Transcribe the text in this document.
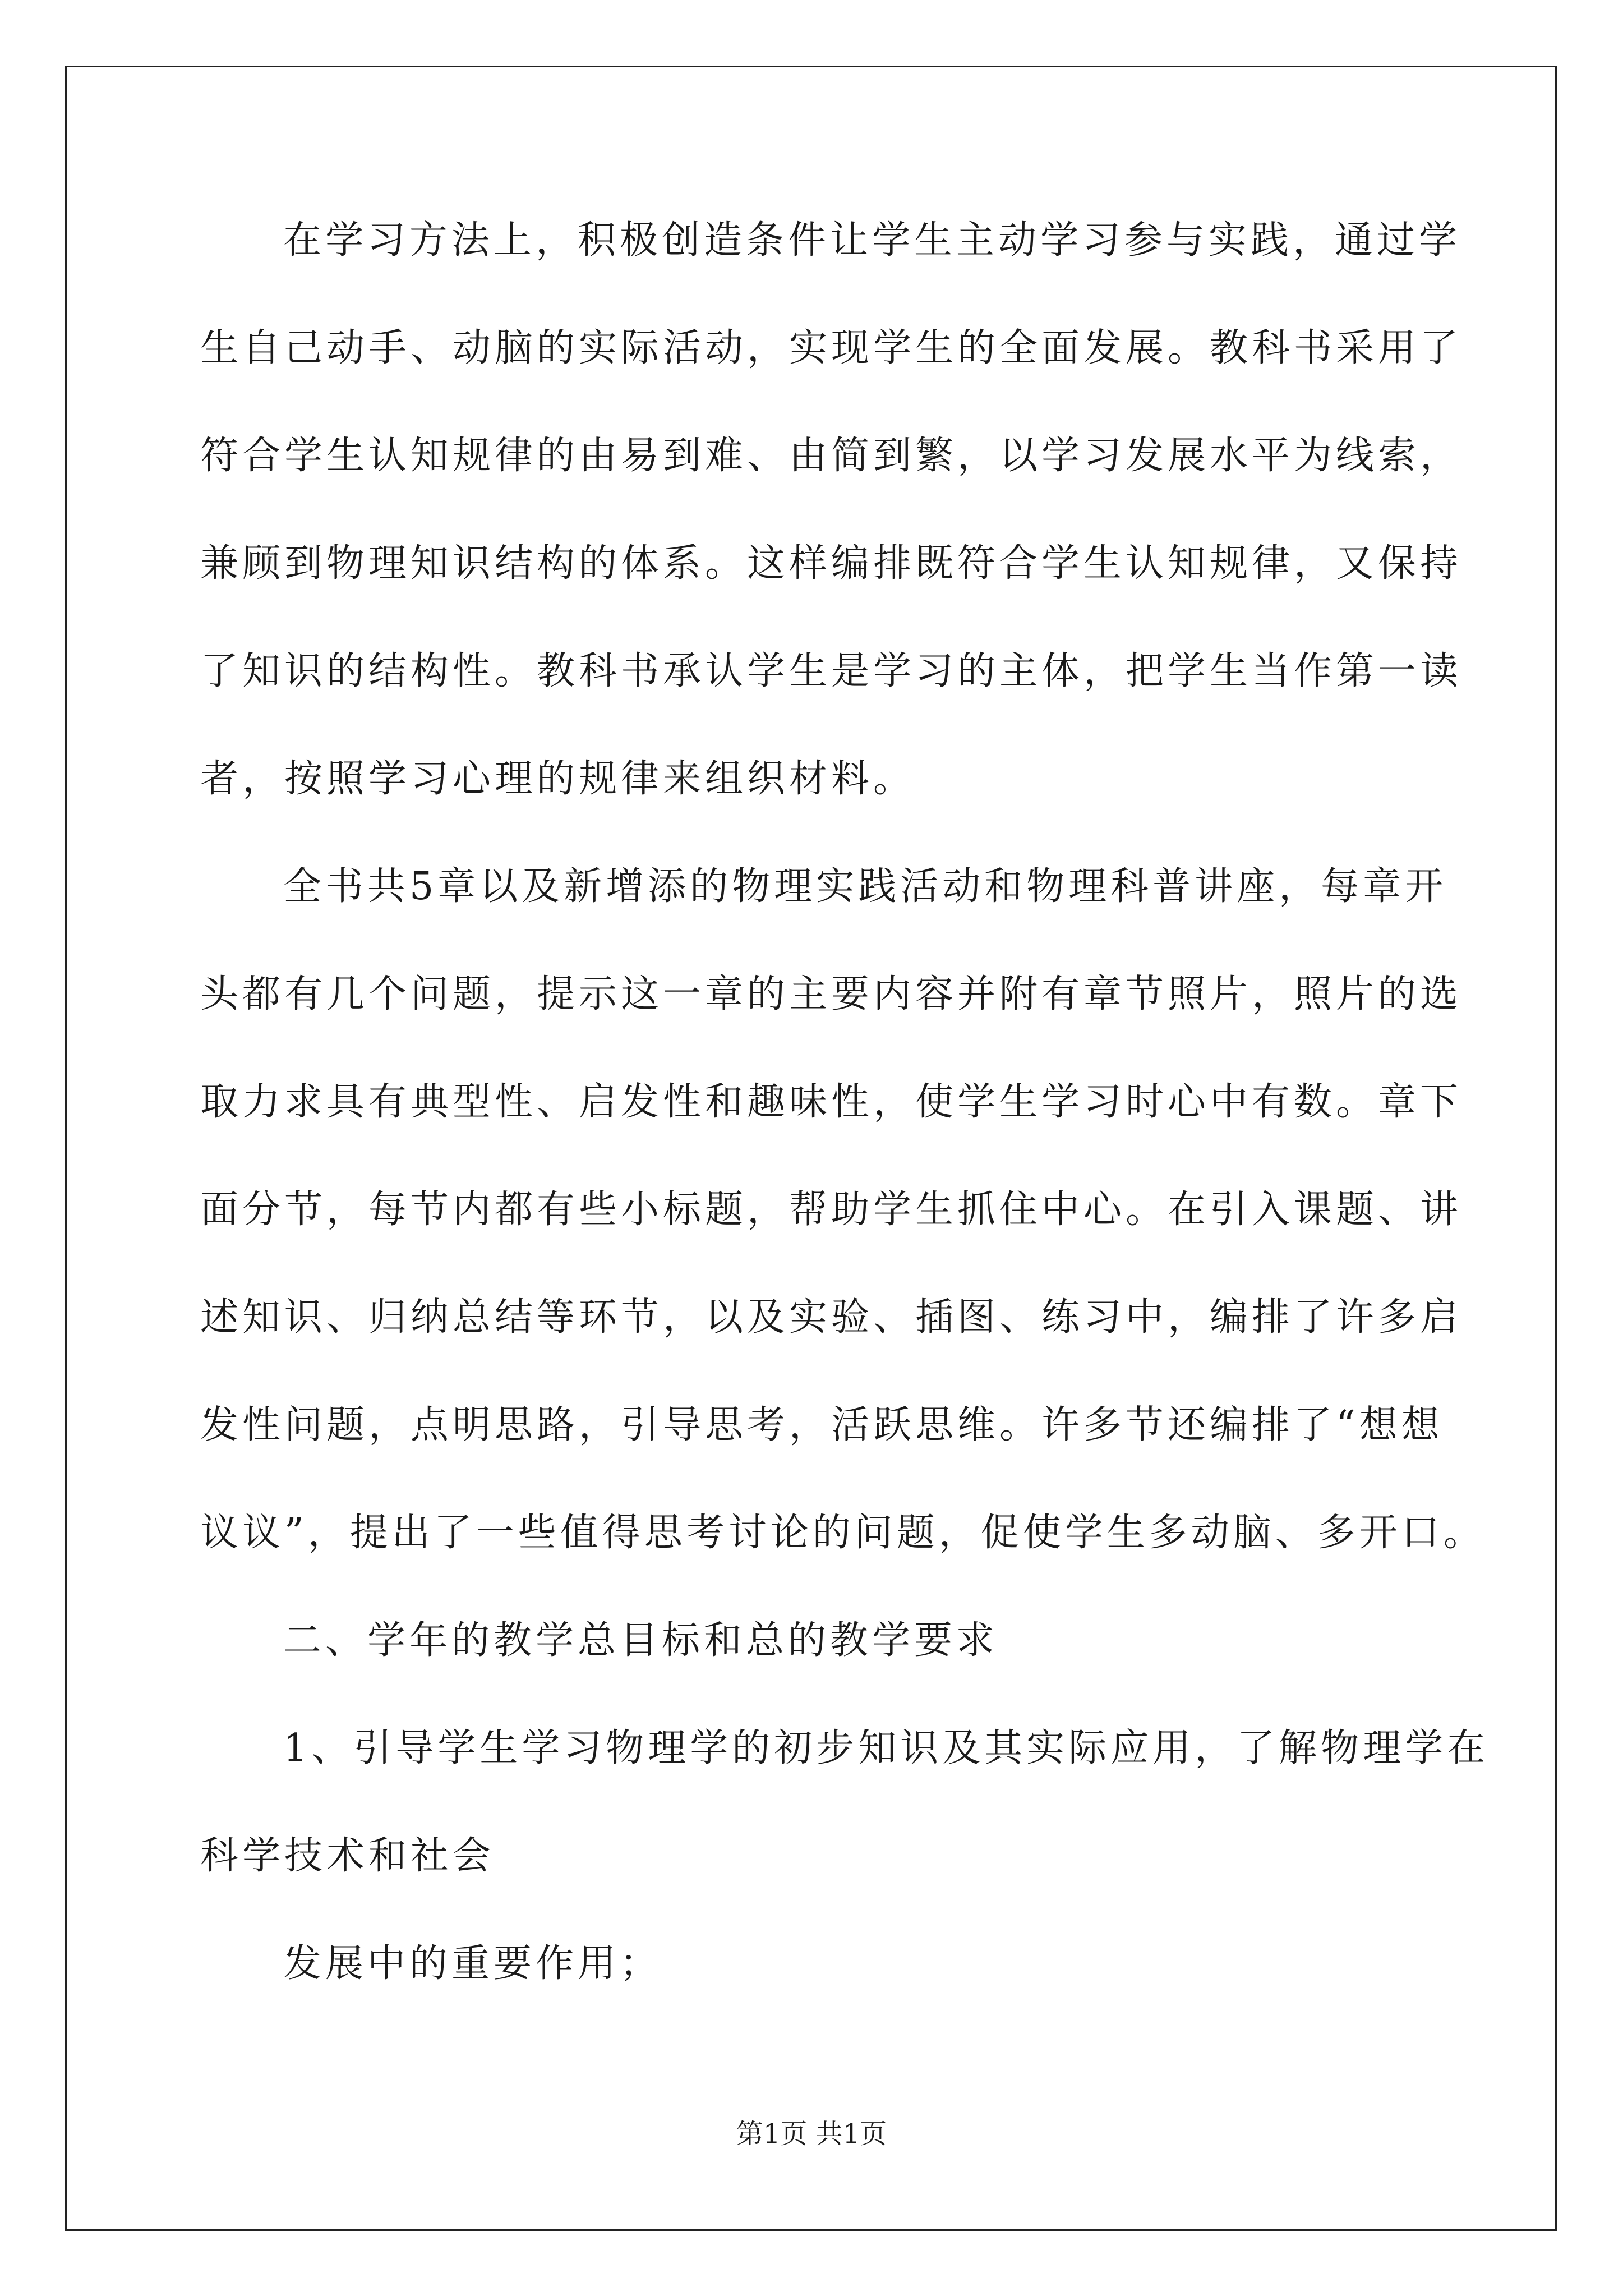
在学习方法上，积极创造条件让学生主动学习参与实践，通过学
生自己动手、动脑的实际活动，实现学生的全面发展。教科书采用了
符合学生认知规律的由易到难、由简到繁，以学习发展水平为线索，
兼顾到物理知识结构的体系。这样编排既符合学生认知规律，又保持
了知识的结构性。教科书承认学生是学习的主体，把学生当作第一读
者，按照学习心理的规律来组织材料。
全书共5章以及新增添的物理实践活动和物理科普讲座，每章开
头都有几个问题，提示这一章的主要内容并附有章节照片，照片的选
取力求具有典型性、启发性和趣味性，使学生学习时心中有数。章下
面分节，每节内都有些小标题，帮助学生抓住中心。在引入课题、讲
述知识、归纳总结等环节，以及实验、插图、练习中，编排了许多启
发性问题，点明思路，引导思考，活跃思维。许多节还编排了“想想
议议”，提出了一些值得思考讨论的问题，促使学生多动脑、多开口。
二、学年的教学总目标和总的教学要求
1、引导学生学习物理学的初步知识及其实际应用，了解物理学在
科学技术和社会
发展中的重要作用；
第1页 共1页
